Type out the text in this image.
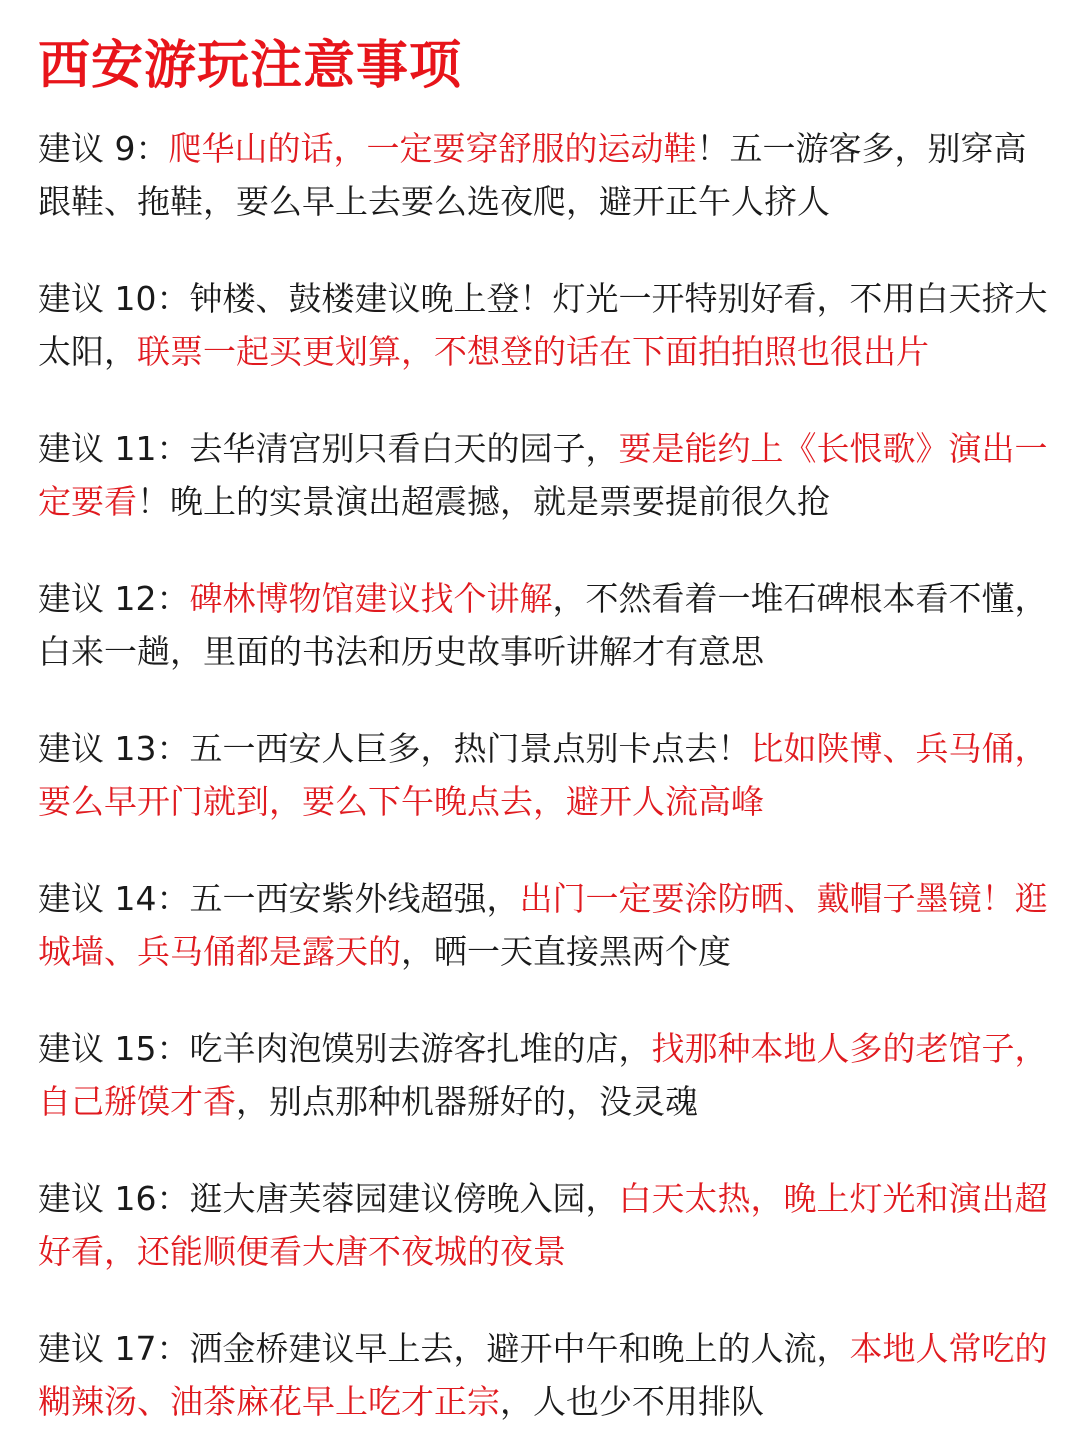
西安游玩注意事项

建议 9：爬华山的话，一定要穿舒服的运动鞋！五一游客多，别穿高跟鞋、拖鞋，要么早上去要么选夜爬，避开正午人挤人

建议 10：钟楼、鼓楼建议晚上登！灯光一开特别好看，不用白天挤大太阳，联票一起买更划算，不想登的话在下面拍拍照也很出片

建议 11：去华清宫别只看白天的园子，要是能约上《长恨歌》演出一定要看！晚上的实景演出超震撼，就是票要提前很久抢

建议 12：碑林博物馆建议找个讲解，不然看着一堆石碑根本看不懂，白来一趟，里面的书法和历史故事听讲解才有意思

建议 13：五一西安人巨多，热门景点别卡点去！比如陕博、兵马俑，要么早开门就到，要么下午晚点去，避开人流高峰

建议 14：五一西安紫外线超强，出门一定要涂防晒、戴帽子墨镜！逛城墙、兵马俑都是露天的，晒一天直接黑两个度

建议 15：吃羊肉泡馍别去游客扎堆的店，找那种本地人多的老馆子，自己掰馍才香，别点那种机器掰好的，没灵魂

建议 16：逛大唐芙蓉园建议傍晚入园，白天太热，晚上灯光和演出超好看，还能顺便看大唐不夜城的夜景

建议 17：洒金桥建议早上去，避开中午和晚上的人流，本地人常吃的糊辣汤、油茶麻花早上吃才正宗，人也少不用排队
